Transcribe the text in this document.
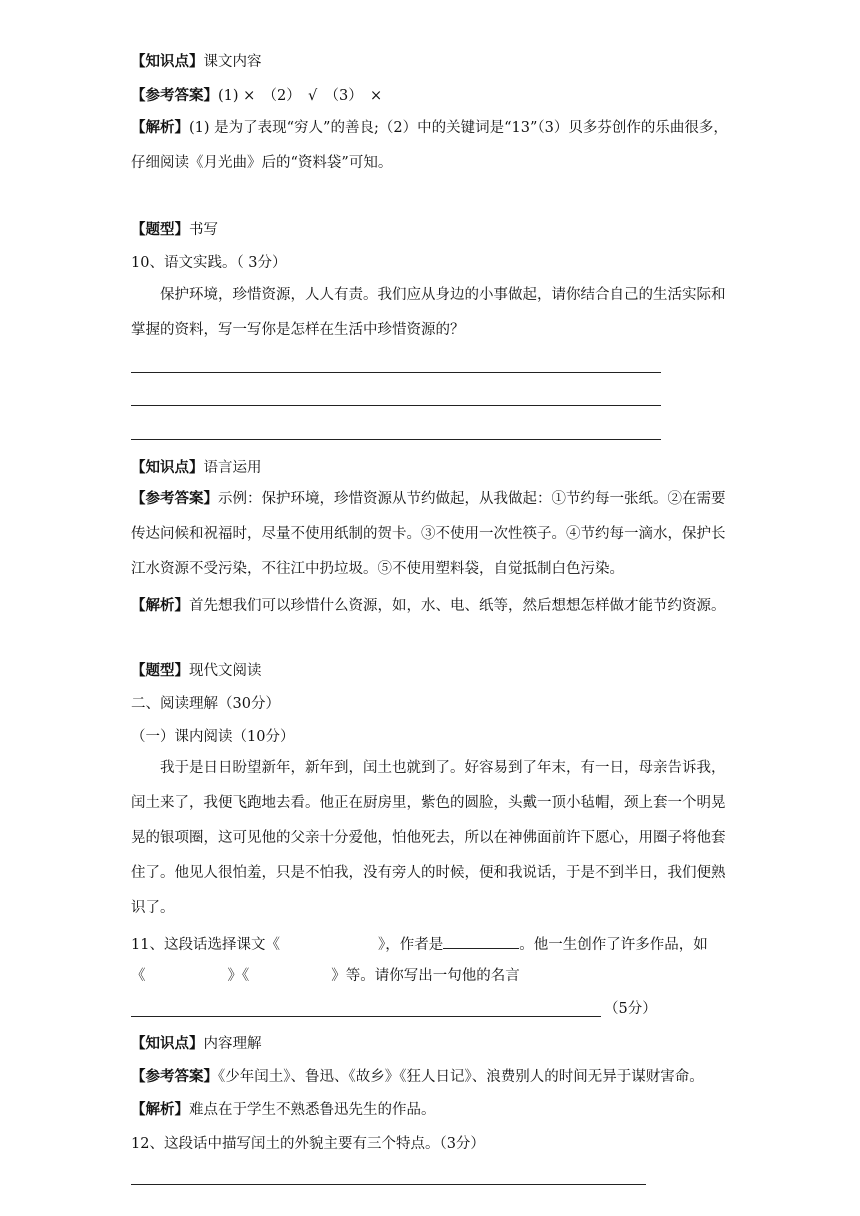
【知识点】课文内容
【参考答案】(1) ×　（2）　√　（3）　×
【解析】(1) 是为了表现“穷人”的善良;（2）中的关键词是“13”（3）贝多芬创作的乐曲很多，仔细阅读《月光曲》后的“资料袋”可知。
【题型】书写
10、语文实践。（ 3分）
保护环境，珍惜资源，人人有责。我们应从身边的小事做起，请你结合自己的生活实际和掌握的资料，写一写你是怎样在生活中珍惜资源的？
【知识点】语言运用
【参考答案】示例：保护环境，珍惜资源从节约做起，从我做起：①节约每一张纸。②在需要传达问候和祝福时，尽量不使用纸制的贺卡。③不使用一次性筷子。④节约每一滴水，保护长江水资源不受污染，不往江中扔垃圾。⑤不使用塑料袋，自觉抵制白色污染。
【解析】首先想我们可以珍惜什么资源，如，水、电、纸等，然后想想怎样做才能节约资源。
【题型】现代文阅读
二、阅读理解（30分）
（一）课内阅读（10分）
我于是日日盼望新年，新年到，闰土也就到了。好容易到了年末，有一日，母亲告诉我，闰土来了，我便飞跑地去看。他正在厨房里，紫色的圆脸，头戴一顶小毡帽，颈上套一个明晃晃的银项圈，这可见他的父亲十分爱他，怕他死去，所以在神佛面前许下愿心，用圈子将他套住了。他见人很怕羞，只是不怕我，没有旁人的时候，便和我说话，于是不到半日，我们便熟识了。
11、这段话选择课文《	》，作者是	。他一生创作了许多作品，如
《	》《	》等。请你写出一句他的名言
（5分）
【知识点】内容理解
【参考答案】《少年闰土》、鲁迅、《故乡》《狂人日记》、浪费别人的时间无异于谋财害命。
【解析】难点在于学生不熟悉鲁迅先生的作品。
12、这段话中描写闰土的外貌主要有三个特点。（3分）
